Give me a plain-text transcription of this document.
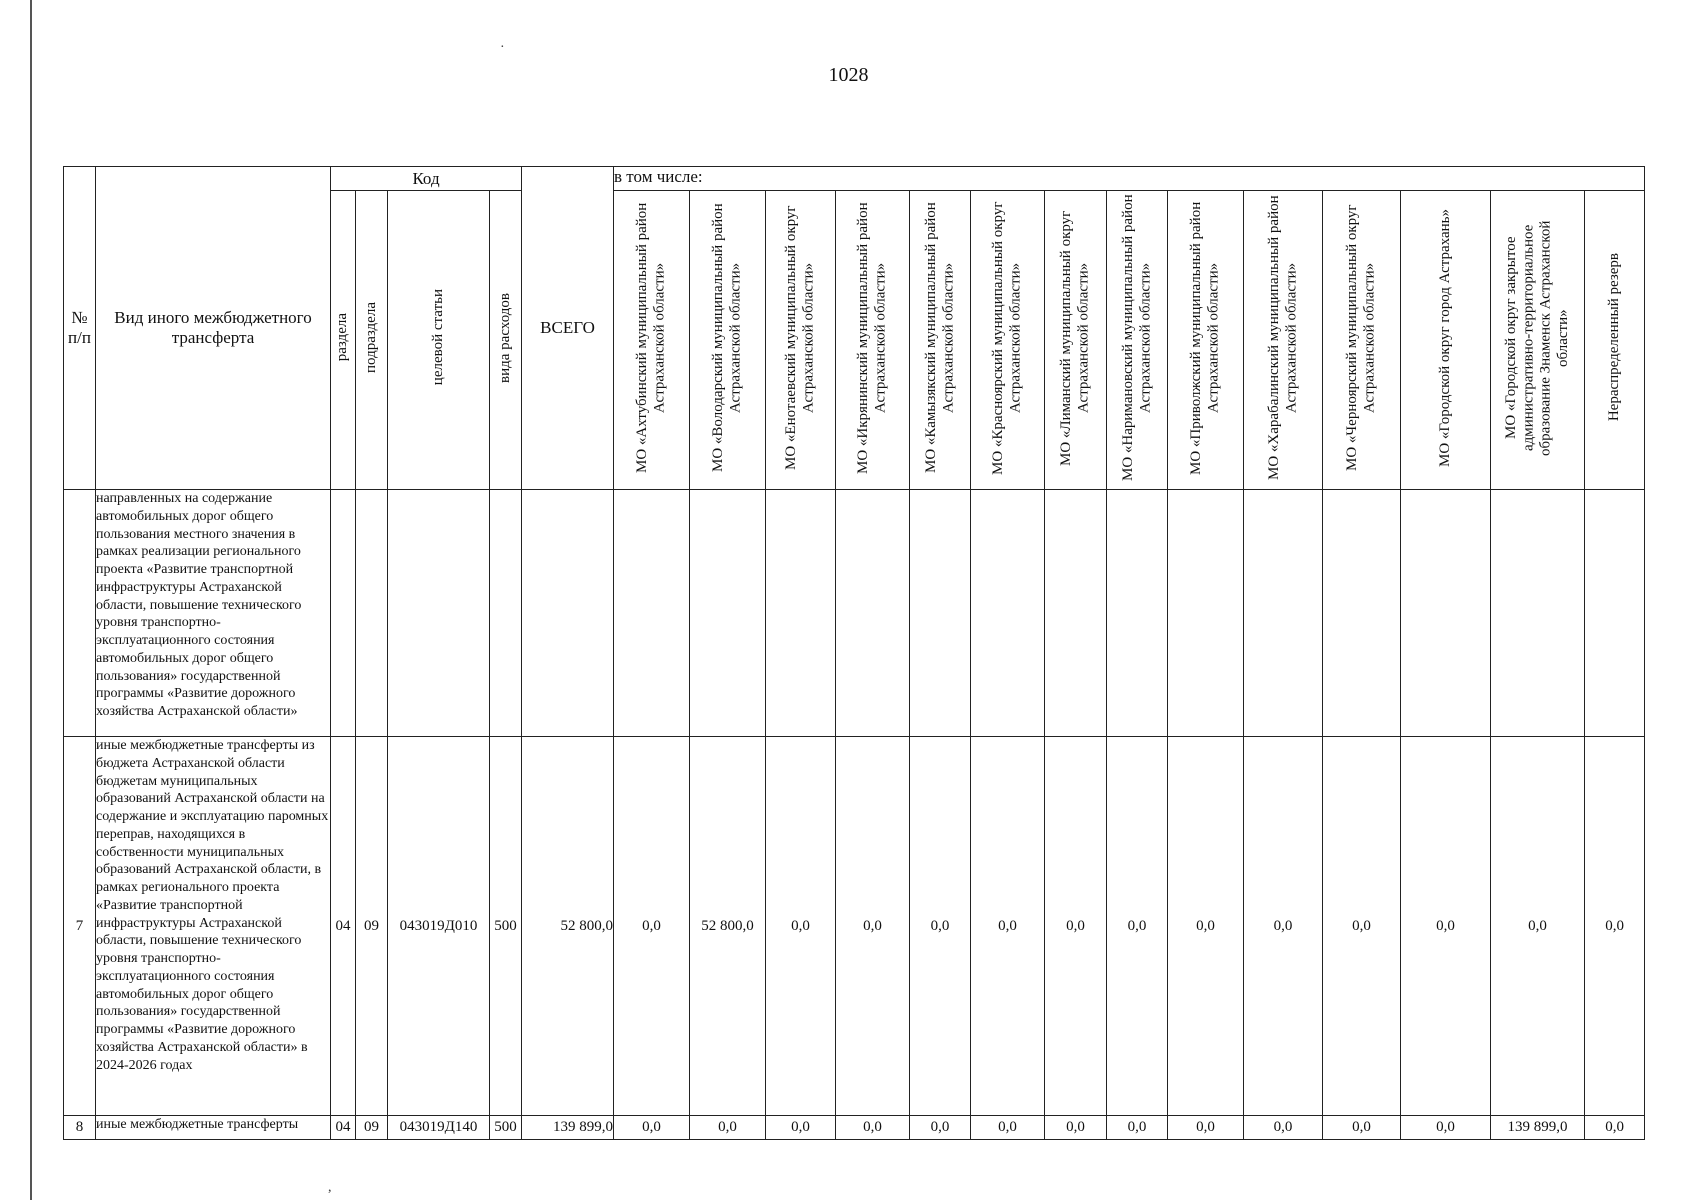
1028
·
,
№ п/п	Вид иного межбюджетного трансферта	Код				ВСЕГО	в том числе:													
		раздела	подраздела	целевой статьи	вида расходов		МО «Ахтубинский муниципальный район Астраханской области»	МО «Володарский муниципальный район Астраханской области»	МО «Енотаевский муниципальный округ Астраханской области»	МО «Икрянинский муниципальный район Астраханской области»	МО «Камызякский муниципальный район Астраханской области»	МО «Красноярский муниципальный округ Астраханской области»	МО «Лиманский муниципальный округ Астраханской области»	МО «Наримановский муниципальный район Астраханской области»	МО «Приволжский муниципальный район Астраханской области»	МО «Харабалинский муниципальный район Астраханской области»	МО «Черноярский муниципальный округ Астраханской области»	МО «Городской округ город Астрахань»	МО «Городской округ закрытое административно-территориальное образование Знаменск Астраханской области»	Нераспределенный резерв
	направленных на содержание автомобильных дорог общего пользования местного значения в рамках реализации регионального проекта «Развитие транспортной инфраструктуры Астраханской области, повышение технического уровня транспортно-эксплуатационного состояния автомобильных дорог общего пользования» государственной программы «Развитие дорожного хозяйства Астраханской области»																			
7	иные межбюджетные трансферты из бюджета Астраханской области бюджетам муниципальных образований Астраханской области на содержание и эксплуатацию паромных переправ, находящихся в собственности муниципальных образований Астраханской области, в рамках регионального проекта «Развитие транспортной инфраструктуры Астраханской области, повышение технического уровня транспортно-эксплуатационного состояния автомобильных дорог общего пользования» государственной программы «Развитие дорожного хозяйства Астраханской области» в 2024-2026 годах	04	09	043019Д010	500	52 800,0	0,0	52 800,0	0,0	0,0	0,0	0,0	0,0	0,0	0,0	0,0	0,0	0,0	0,0	0,0
8	иные межбюджетные трансферты	04	09	043019Д140	500	139 899,0	0,0	0,0	0,0	0,0	0,0	0,0	0,0	0,0	0,0	0,0	0,0	0,0	139 899,0	0,0
